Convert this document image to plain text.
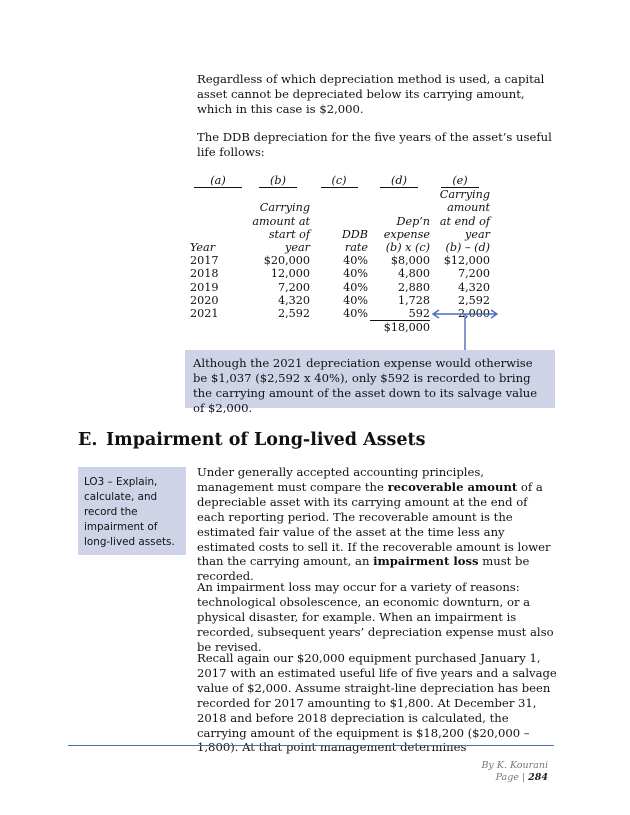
Regardless of which depreciation method is used, a capital asset cannot be depreciated below its carrying amount, which in this case is $2,000.

The DDB depreciation for the five years of the asset’s useful life follows:

(a)	(b)	(c)	(d)	(e)
				Carrying
	Carrying			amount
	amount at		Dep’n	at end of
	start of	DDB	expense	year
Year	year	rate	(b) x (c)	(b) – (d)
2017	$20,000	40%	$8,000	$12,000
2018	12,000	40%	4,800	7,200
2019	7,200	40%	2,880	4,320
2020	4,320	40%	1,728	2,592
2021	2,592	40%	592	2,000
			$18,000	
Although the 2021 depreciation expense would otherwise be $1,037 ($2,592 x 40%), only $592 is recorded to bring the carrying amount of the asset down to its salvage value of $2,000.
E. Impairment of Long-lived Assets
LO3 – Explain, calculate, and record the impairment of long-lived assets.

Under generally accepted accounting principles, management must compare the recoverable amount of a depreciable asset with its carrying amount at the end of each reporting period. The recoverable amount is the estimated fair value of the asset at the time less any estimated costs to sell it. If the recoverable amount is lower than the carrying amount, an impairment loss must be recorded.

An impairment loss may occur for a variety of reasons: technological obsolescence, an economic downturn, or a physical disaster, for example. When an impairment is recorded, subsequent years’ depreciation expense must also be revised.

Recall again our $20,000 equipment purchased January 1, 2017 with an estimated useful life of five years and a salvage value of $2,000. Assume straight-line depreciation has been recorded for 2017 amounting to $1,800. At December 31, 2018 and before 2018 depreciation is calculated, the carrying amount of the equipment is $18,200 ($20,000 – 1,800). At that point management determines

By K. Kourani
Page | 284
